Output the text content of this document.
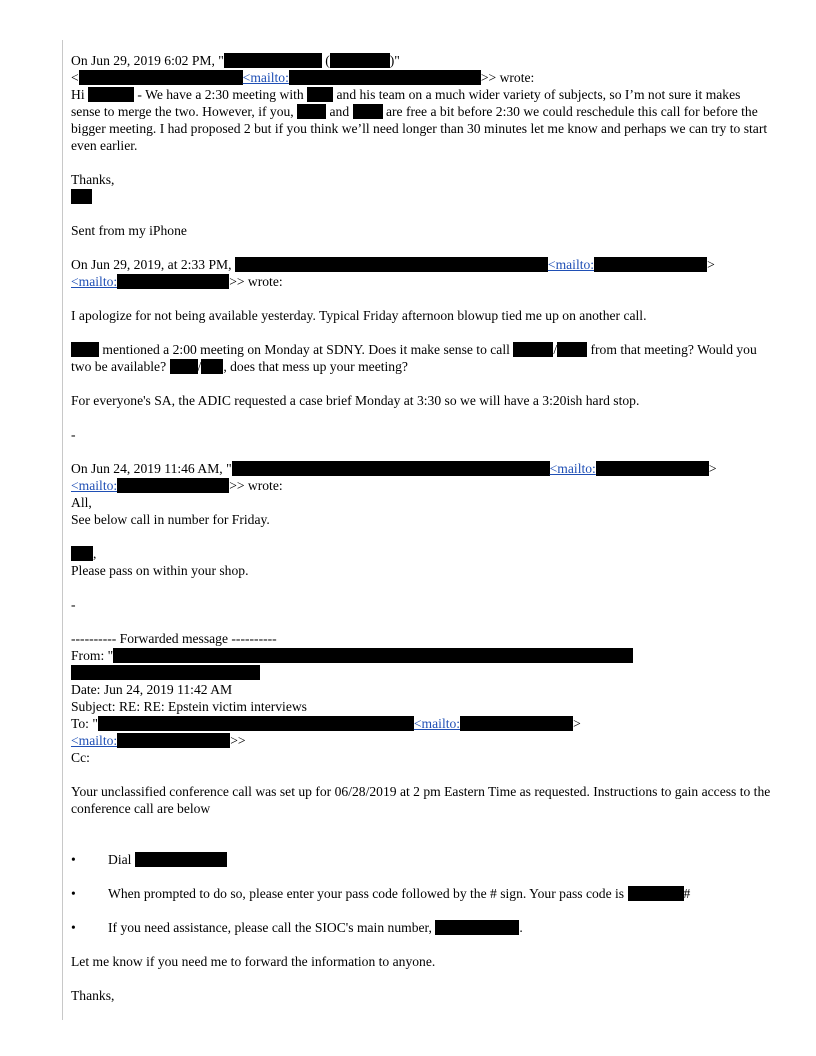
On Jun 29, 2019 6:02 PM, "	(	)"

<	<mailto:	>> wrote:

Hi	- We have a 2:30 meeting with and his team on a much wider variety of subjects, so I’m not sure it makes sense to merge the two. However, if you,	and	are free a bit before 2:30 we could reschedule this call for before the bigger meeting. I had proposed 2 but if you think we’ll need longer than 30 minutes let me know and perhaps we can try to start even earlier.

Thanks,

Sent from my iPhone

On Jun 29, 2019, at 2:33 PM,	<mailto:	>

<mailto:	>> wrote:

I apologize for not being available yesterday. Typical Friday afternoon blowup tied me up on another call.

mentioned a 2:00 meeting on Monday at SDNY. Does it make sense to call	/ from that meeting? Would you two be available? / , does that mess up your meeting?

For everyone's SA, the ADIC requested a case brief Monday at 3:30 so we will have a 3:20ish hard stop.

-

On Jun 24, 2019 11:46 AM, "	<mailto:	>

<mailto:	>> wrote:

All,

See below call in number for Friday.

,

Please pass on within your shop.

-

---------- Forwarded message ----------

From: "

Date: Jun 24, 2019 11:42 AM

Subject: RE: RE: Epstein victim interviews

To: "	<mailto:	>

<mailto:	>>

Cc:

Your unclassified conference call was set up for 06/28/2019 at 2 pm Eastern Time as requested. Instructions to gain access to the conference call are below

• Dial

• When prompted to do so, please enter your pass code followed by the # sign. Your pass code is	#

• If you need assistance, please call the SIOC's main number,	.

Let me know if you need me to forward the information to anyone.

Thanks,
